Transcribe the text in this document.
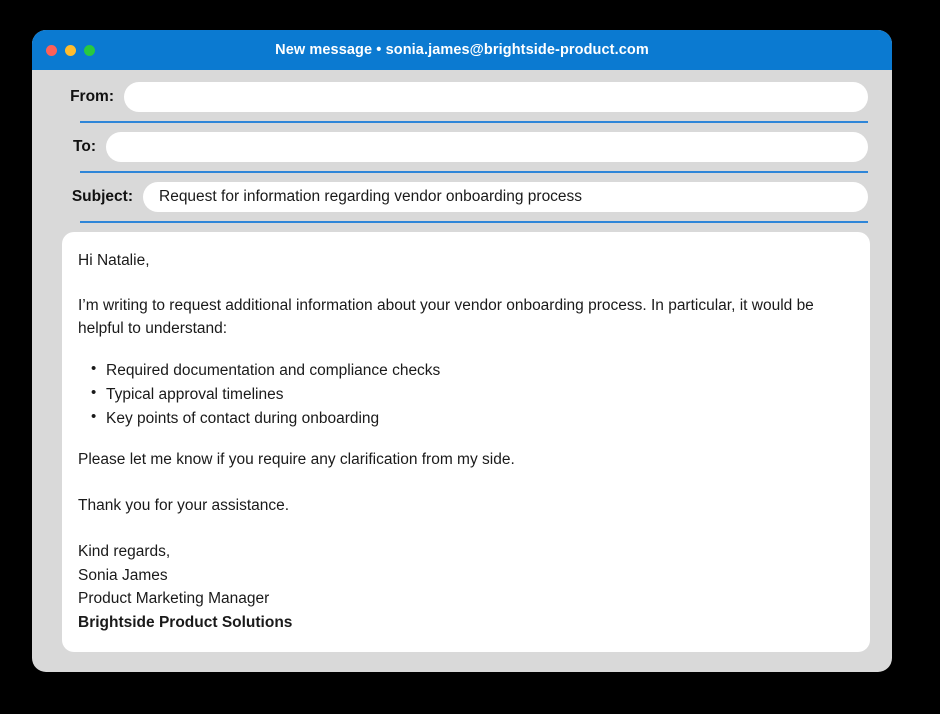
New message • sonia.james@brightside-product.com
From:
To:
Subject:
Request for information regarding vendor onboarding process

Hi Natalie,

I’m writing to request additional information about your vendor onboarding process. In particular, it would be helpful to understand:

• Required documentation and compliance checks
• Typical approval timelines
• Key points of contact during onboarding

Please let me know if you require any clarification from my side.

Thank you for your assistance.

Kind regards,

Sonia James

Product Marketing Manager

Brightside Product Solutions
